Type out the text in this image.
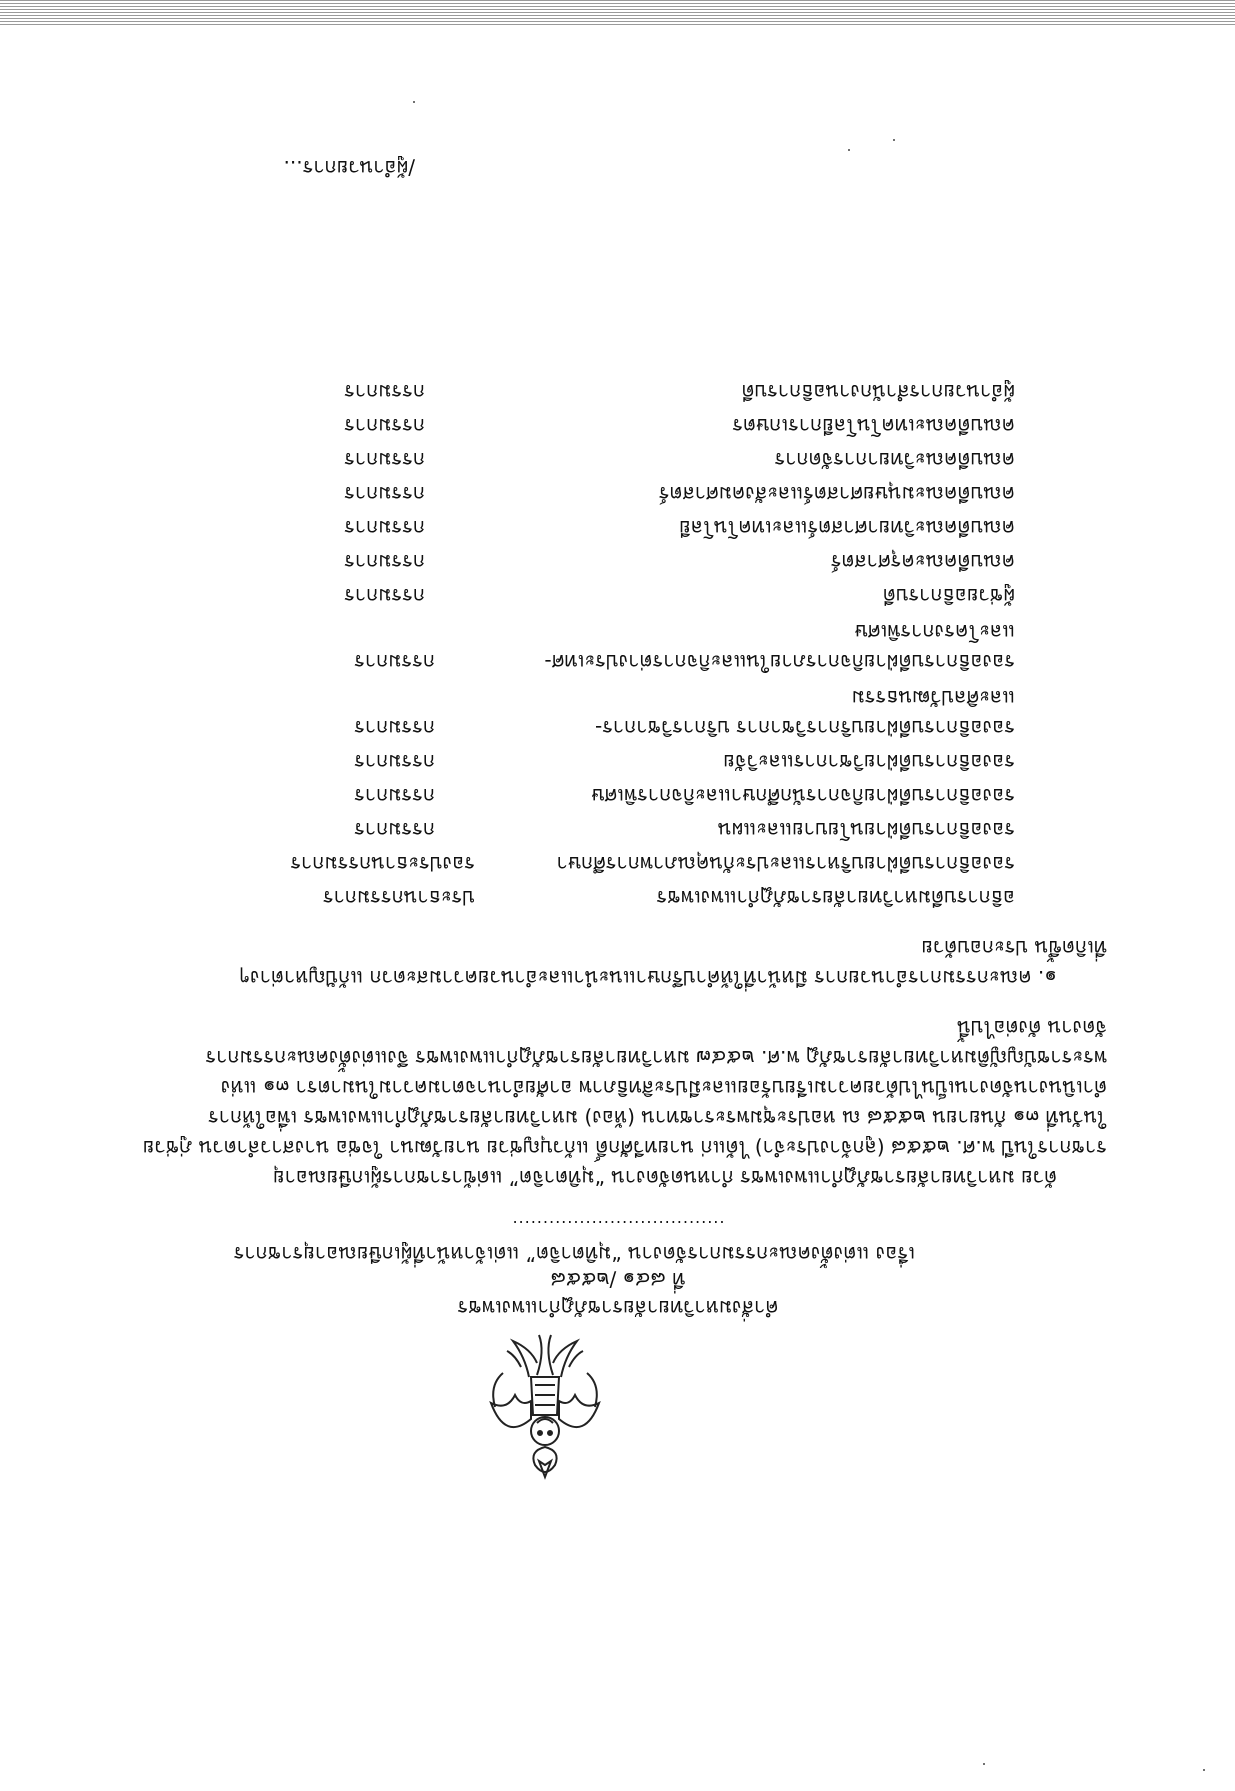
คำสั่งมหาวิทยาลัยราชภัฏกำแพงเพชร
ที่ ๘๔๑ /๒๕๕๘
เรื่อง แต่งตั้งคณะกรรมการจัดงาน “มุทิตาจิต” แด่เจ้าหน้าที่ผู้เกษียณอายุราชการ
...................................
ด้วย มหาวิทยาลัยราชภัฏกำแพงเพชร กำหนดจัดงาน “มุทิตาจิต” แด่ข้าราชการผู้เกษียณอายุ
ราชการในปี พ.ศ. ๒๕๕๘ (ลูกจ้างประจำ) ได้แก่ นายทวีศักดิ์ แก้วบุญช่วย นายวัฒนา ใจช่อ นางสาวลำดวน ภู่ช่วย
ในวันที่ ๓๑ กันยายน ๒๕๕๘ ณ หอประชุมพระราชทาน (ห้อง) มหาวิทยาลัยราชภัฏกำแพงเพชร เพื่อให้การ
ดำเนินงานจัดงานเป็นไปด้วยความเรียบร้อยและมีประสิทธิภาพ อาศัยอำนาจตามความในมาตรา ๓๑ แห่ง
พระราชบัญญัติมหาวิทยาลัยราชภัฏ พ.ศ. ๒๕๔๗ มหาวิทยาลัยราชภัฏกำแพงเพชร จึงแต่งตั้งคณะกรรมการ
จัดงาน ดังต่อไปนี้
๑. คณะกรรมการอำนวยการ มีหน้าที่ให้คำปรึกษาแนะนำและอำนวยความสะดวก แก้ปัญหาต่างๆ
ที่เกิดขึ้น ประกอบด้วย
อธิการบดีมหาวิทยาลัยราชภัฏกำแพงเพชร
ประธานกรรมการ
รองอธิการบดีฝ่ายบริหารและประกันคุณภาพการศึกษา
รองประธานกรรมการ
รองอธิการบดีฝ่ายนโยบายและแผน
กรรมการ
รองอธิการบดีฝ่ายกิจการนักศึกษาและกิจการพิเศษ
กรรมการ
รองอธิการบดีฝ่ายวิชาการและวิจัย
กรรมการ
รองอธิการบดีฝ่ายบริการวิชาการ บริการวิชาการ-
กรรมการ
และศิลปวัฒนธรรม
รองอธิการบดีฝ่ายกิจการภายในและกิจการต่างประเทศ-
กรรมการ
และโครงการพิเศษ
ผู้ช่วยอธิการบดี
กรรมการ
คณบดีคณะครุศาสตร์
กรรมการ
คณบดีคณะวิทยาศาสตร์และเทคโนโลยี
กรรมการ
คณบดีคณะมนุษยศาสตร์และสังคมศาสตร์
กรรมการ
คณบดีคณะวิทยาการจัดการ
กรรมการ
คณบดีคณะเทคโนโลยีการเกษตร
กรรมการ
ผู้อำนวยการสำนักงานอธิการบดี
กรรมการ
/ผู้อำนวยการ...
